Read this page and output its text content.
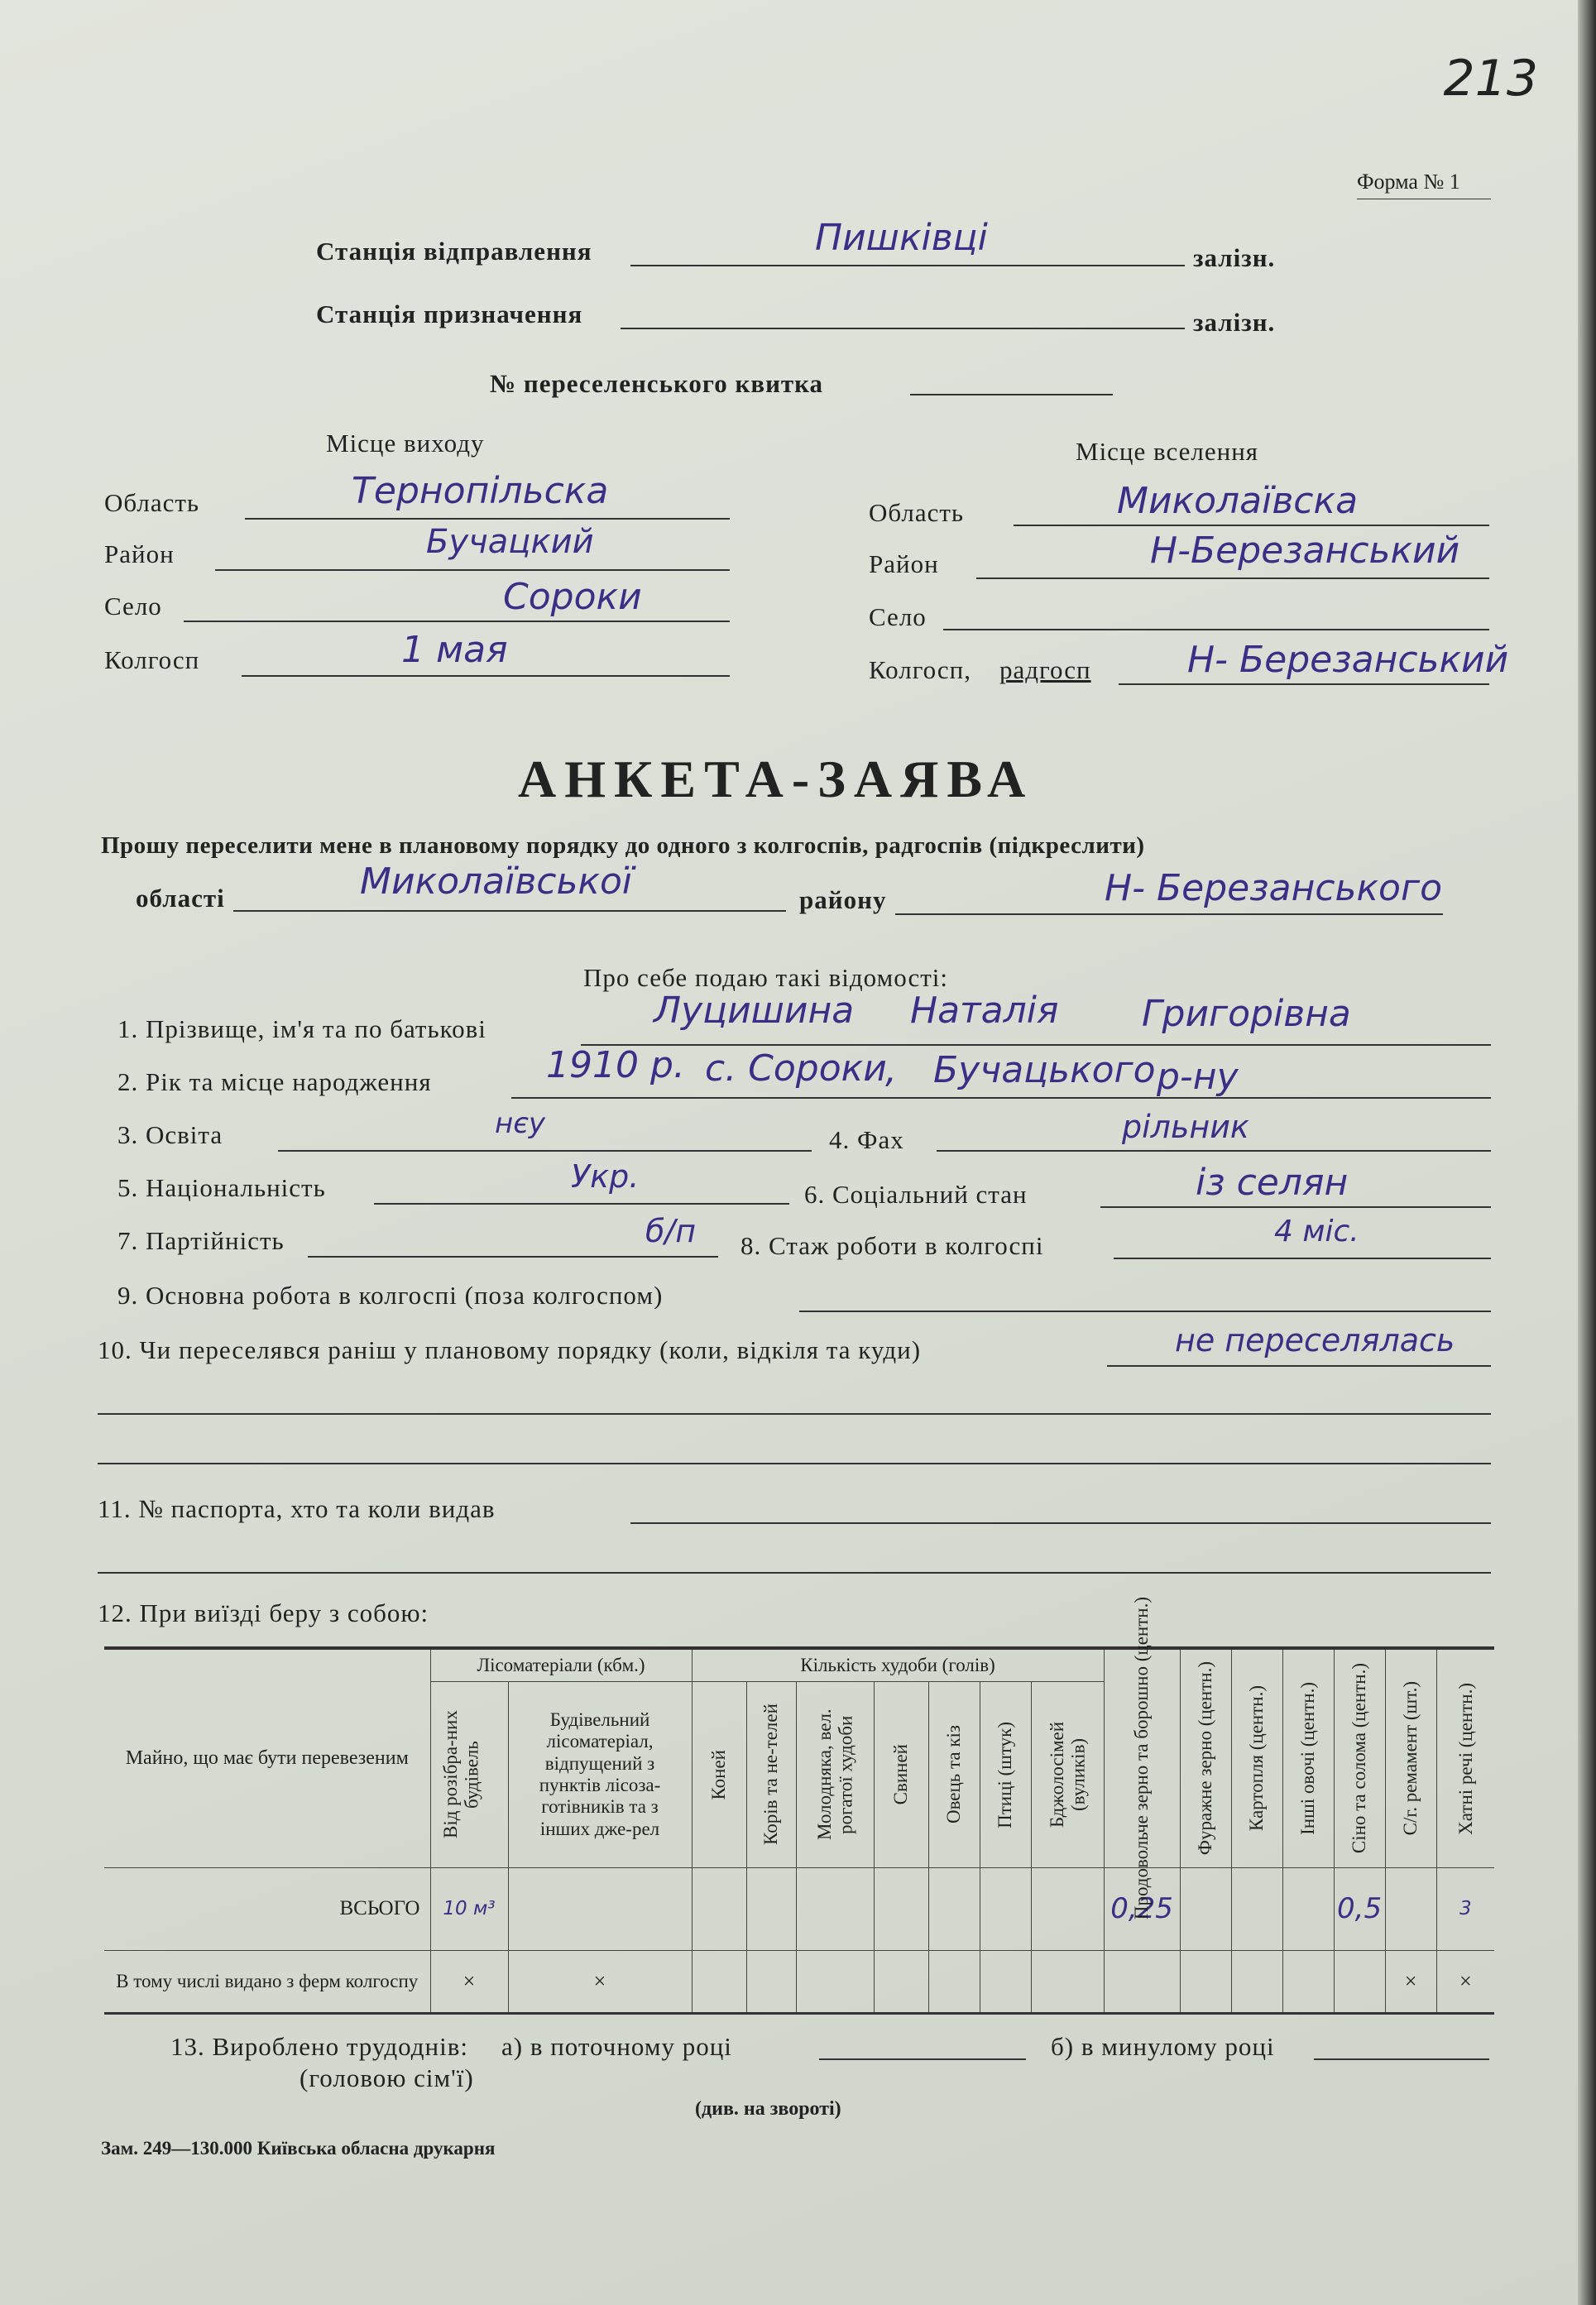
213
Форма № 1
Станція відправлення	Пишківці	залізн.
Станція призначення	залізн.
№ переселенського квитка
Місце виходу
Область	Тернопільска
Район	Бучацкий
Село	Сороки
Колгосп	1 мая
Місце вселення
Область	Миколаївска
Район	Н-Березанський
Село
Колгосп, радгосп	Н- Березанський
АНКЕТА-ЗАЯВА
Прошу переселити мене в плановому порядку до одного з колгоспів, радгоспів (підкреслити)
області	Миколаївської	району	Н- Березанського
Про себе подаю такі відомості:
1. Прізвище, ім'я та по батькові	Луцишина Наталія Григорівна
2. Рік та місце народження	1910 р. с. Сороки
, Бучацького р-ну
3. Освіта	нєу	4. Фах	рільник
5. Національність	Укр.	6. Соціальний стан	із селян
7. Партійність	б/п 8. Стаж роботи в колгоспі	4 міс.
9. Основна робота в колгоспі (поза колгоспом)
10. Чи переселявся раніш у плановому порядку (коли, відкіля та куди)	не переселялась
11. № паспорта, хто та коли видав
12. При виїзді беру з собою:
Майно, що має бути перевезеним	Лісоматеріали (кбм.)		Кількість худоби (голів)							Продовольче зерно та борошно (центн.)	Фуражне зерно (центн.)	Картопля (центн.)	Інші овочі (центн.)	Сіно та солома (центн.)	С/г. ремамент (шт.)	Хатні речі (центн.)

	Від розібра-них будівель	Будівельний лісоматеріал, відпущений з пунктів лісоза-готівників та з інших дже-рел	Коней	Корів та не-телей	Молодняка, вел. рогатої худоби	Свиней	Овець та кіз	Птиці (штук)	Бджолосімей (вуликів)							

ВСЬОГО	10 м³									0,25				0,5		3
В тому числі видано з ферм колгоспу	×	×													×	×
13. Вироблено трудоднів: а) в поточному році	б) в минулому році
(головою сім'ї)
(див. на звороті)
Зам. 249—130.000 Київська обласна друкарня
